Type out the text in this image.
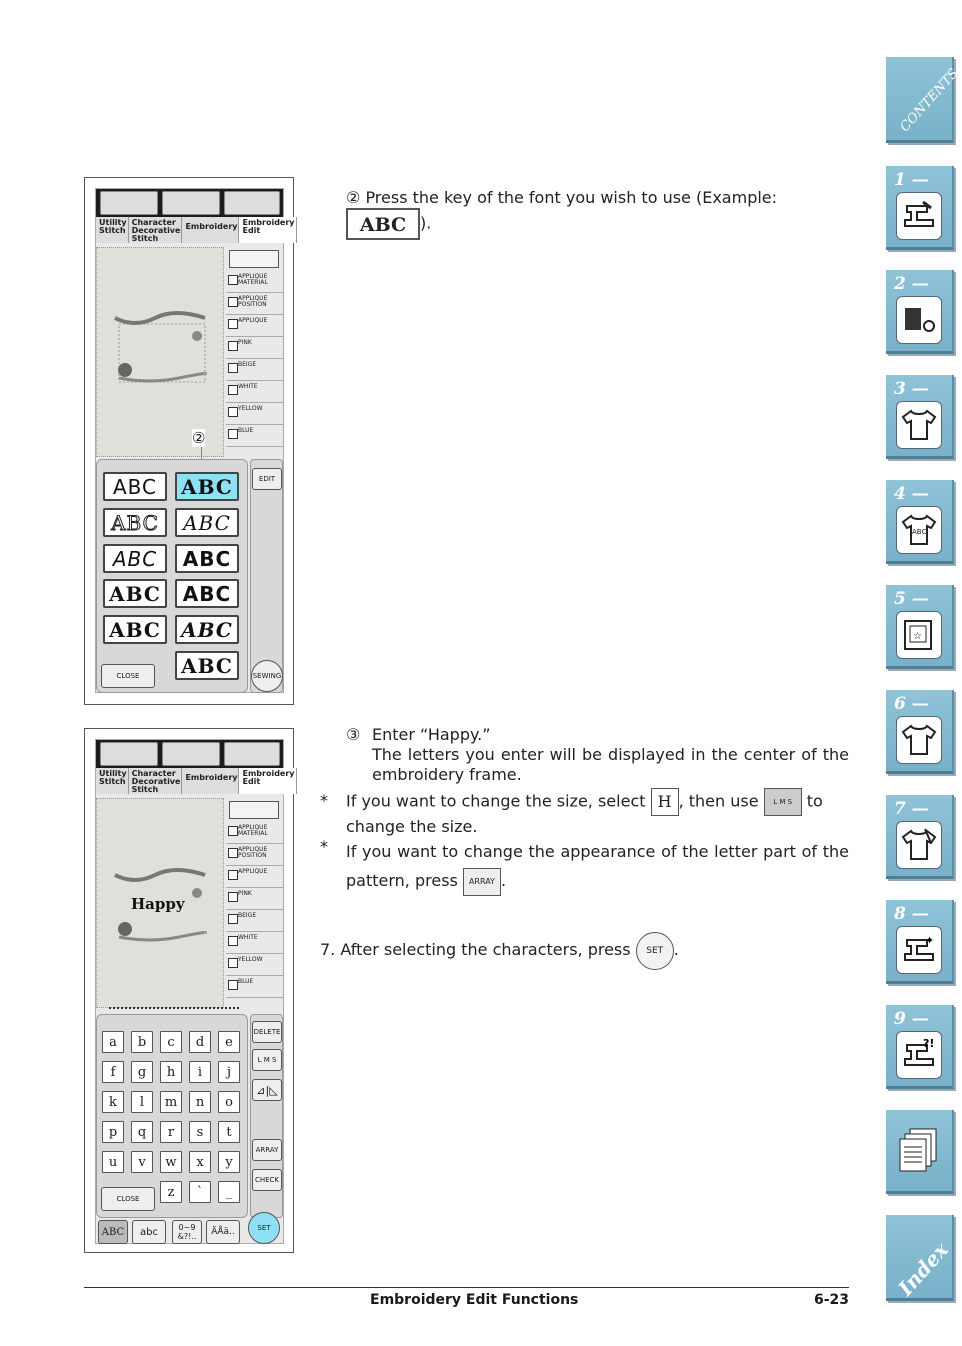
CONTENTS
1 —
2 —
3 —
4 —
ABC
5 —
☆
6 —
7 —
8 —
✦
9 —
?!
Index
Utility Stitch
Character Decorative Stitch
Embroidery Embroidery Edit
APPLIQUE MATERIAL
APPLIQUE POSITION
APPLIQUE
PINK
BEIGE
WHITE
YELLOW
BLUE
②
ABC	ABC
ABC	ABC
ABC	ABC
ABC	ABC
ABC	ABC
CLOSE	ABC
EDIT
SEWING
Utility Stitch
Character Decorative Stitch
Embroidery Embroidery Edit
Happy
APPLIQUE MATERIAL
APPLIQUE POSITION
APPLIQUE
PINK
BEIGE
WHITE
YELLOW
BLUE
a	b	c	d	e
f	g	h	i	j
k	l	m	n	o
p	q	r	s	t
u	v	w	x	y
z	`	_
CLOSE
DELETE
L M S
⊿|◺
ARRAY
CHECK
ABC	abc	0~9 &?!..	ÄÅä..	SET
② Press the key of the font you wish to use (Example: ABC ).
③ Enter “Happy.”
The letters you enter will be displayed in the center of the embroidery frame.
* If you want to change the size, select H , then use L M S to change the size.
* If you want to change the appearance of the letter part of the pattern, press ARRAY .
7. After selecting the characters, press SET .
Embroidery Edit Functions	6-23
